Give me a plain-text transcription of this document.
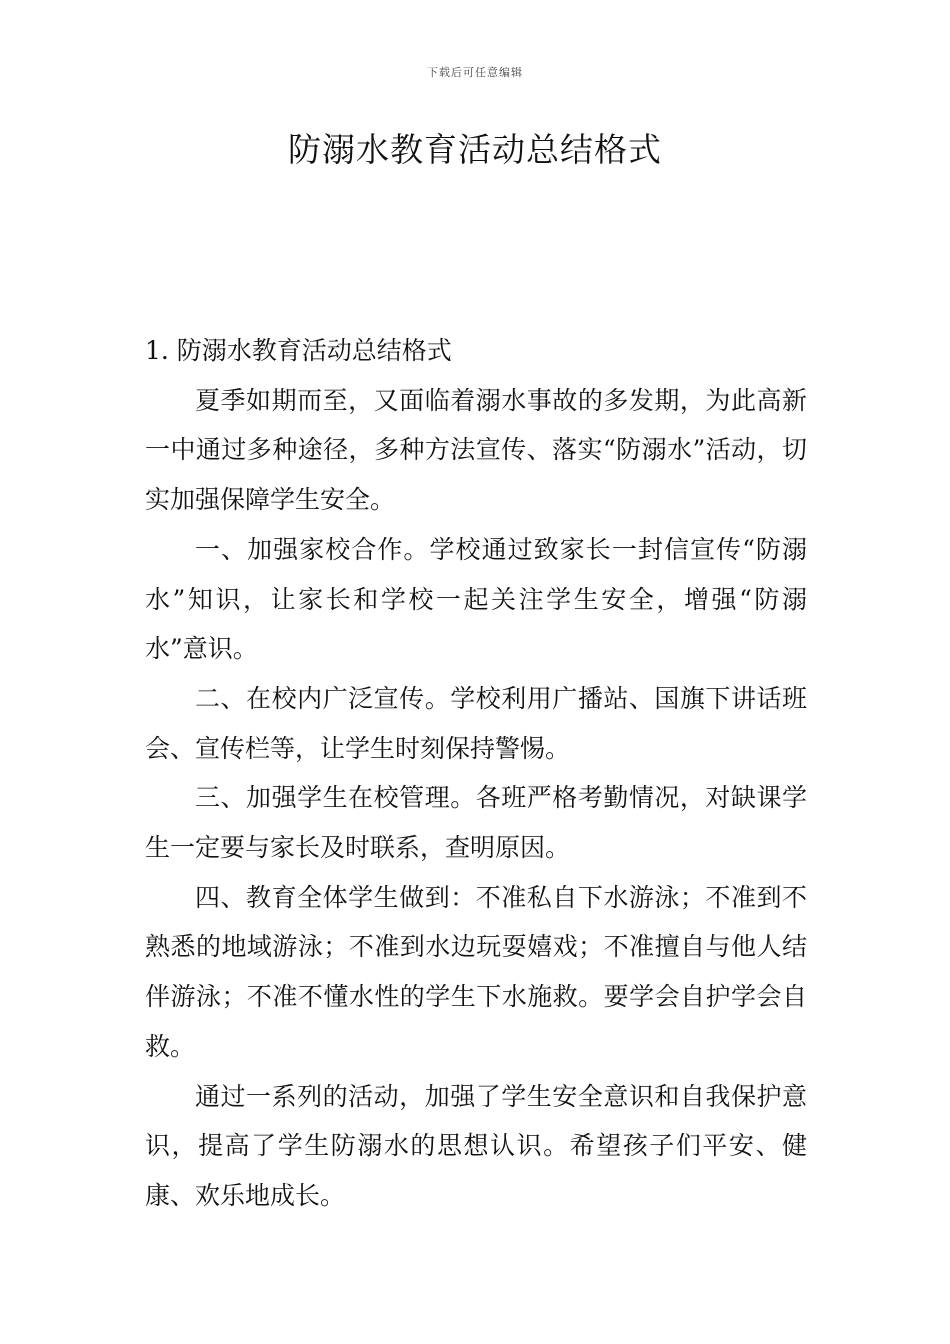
下载后可任意编辑
防溺水教育活动总结格式

1. 防溺水教育活动总结格式

夏季如期而至，又面临着溺水事故的多发期，为此高新一中通过多种途径，多种方法宣传、落实“防溺水”活动，切实加强保障学生安全。

一、加强家校合作。学校通过致家长一封信宣传“防溺水”知识，让家长和学校一起关注学生安全，增强“防溺水”意识。

二、在校内广泛宣传。学校利用广播站、国旗下讲话班会、宣传栏等，让学生时刻保持警惕。

三、加强学生在校管理。各班严格考勤情况，对缺课学生一定要与家长及时联系，查明原因。

四、教育全体学生做到：不准私自下水游泳；不准到不熟悉的地域游泳；不准到水边玩耍嬉戏；不准擅自与他人结伴游泳；不准不懂水性的学生下水施救。要学会自护学会自救。

通过一系列的活动，加强了学生安全意识和自我保护意识，提高了学生防溺水的思想认识。希望孩子们平安、健康、欢乐地成长。
